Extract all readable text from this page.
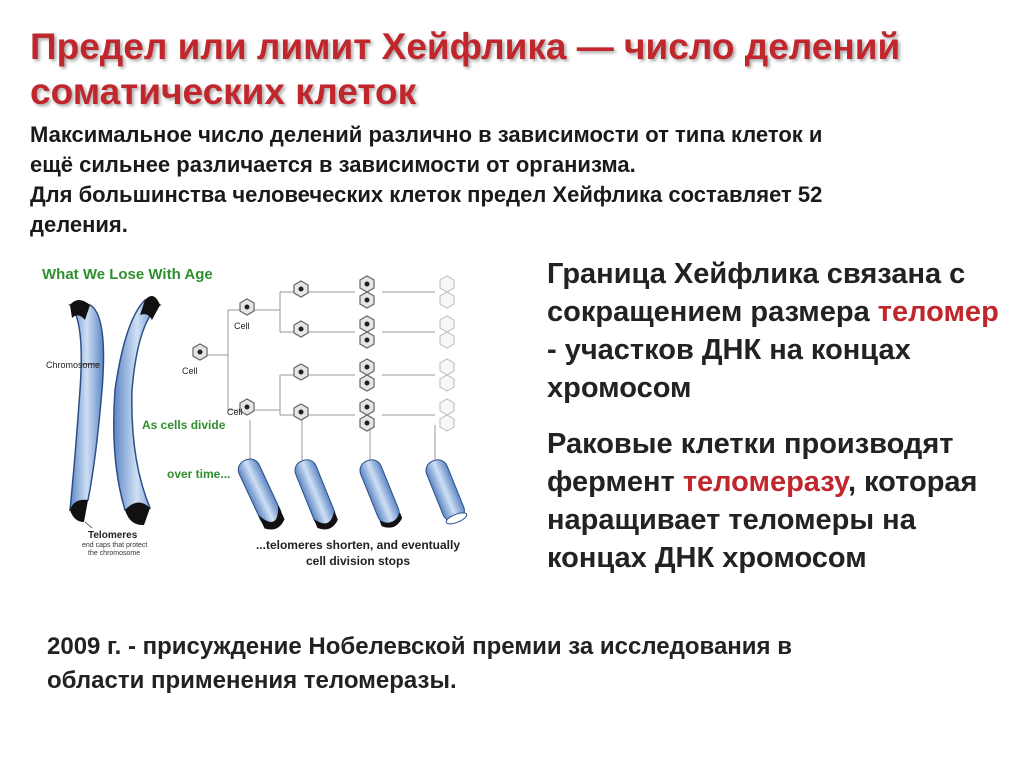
Предел или лимит Хейфлика — число делений
соматических клеток
Максимальное число делений различно в зависимости от типа клеток и
ещё сильнее различается в зависимости от организма.
Для большинства человеческих клеток предел Хейфлика составляет 52
деления.
What We Lose With Age
Chromosome
Cell
Cell
Cell
As cells divide
over time...
Telomeres
end caps that protect
the chromosome
...telomeres shorten, and eventually
cell division stops
Граница Хейфлика связана с сокращением размера теломер - участков ДНК на концах хромосом
Раковые клетки производят фермент теломеразу, которая наращивает теломеры на концах ДНК хромосом
2009 г. - присуждение Нобелевской премии за исследования в
области применения теломеразы.
